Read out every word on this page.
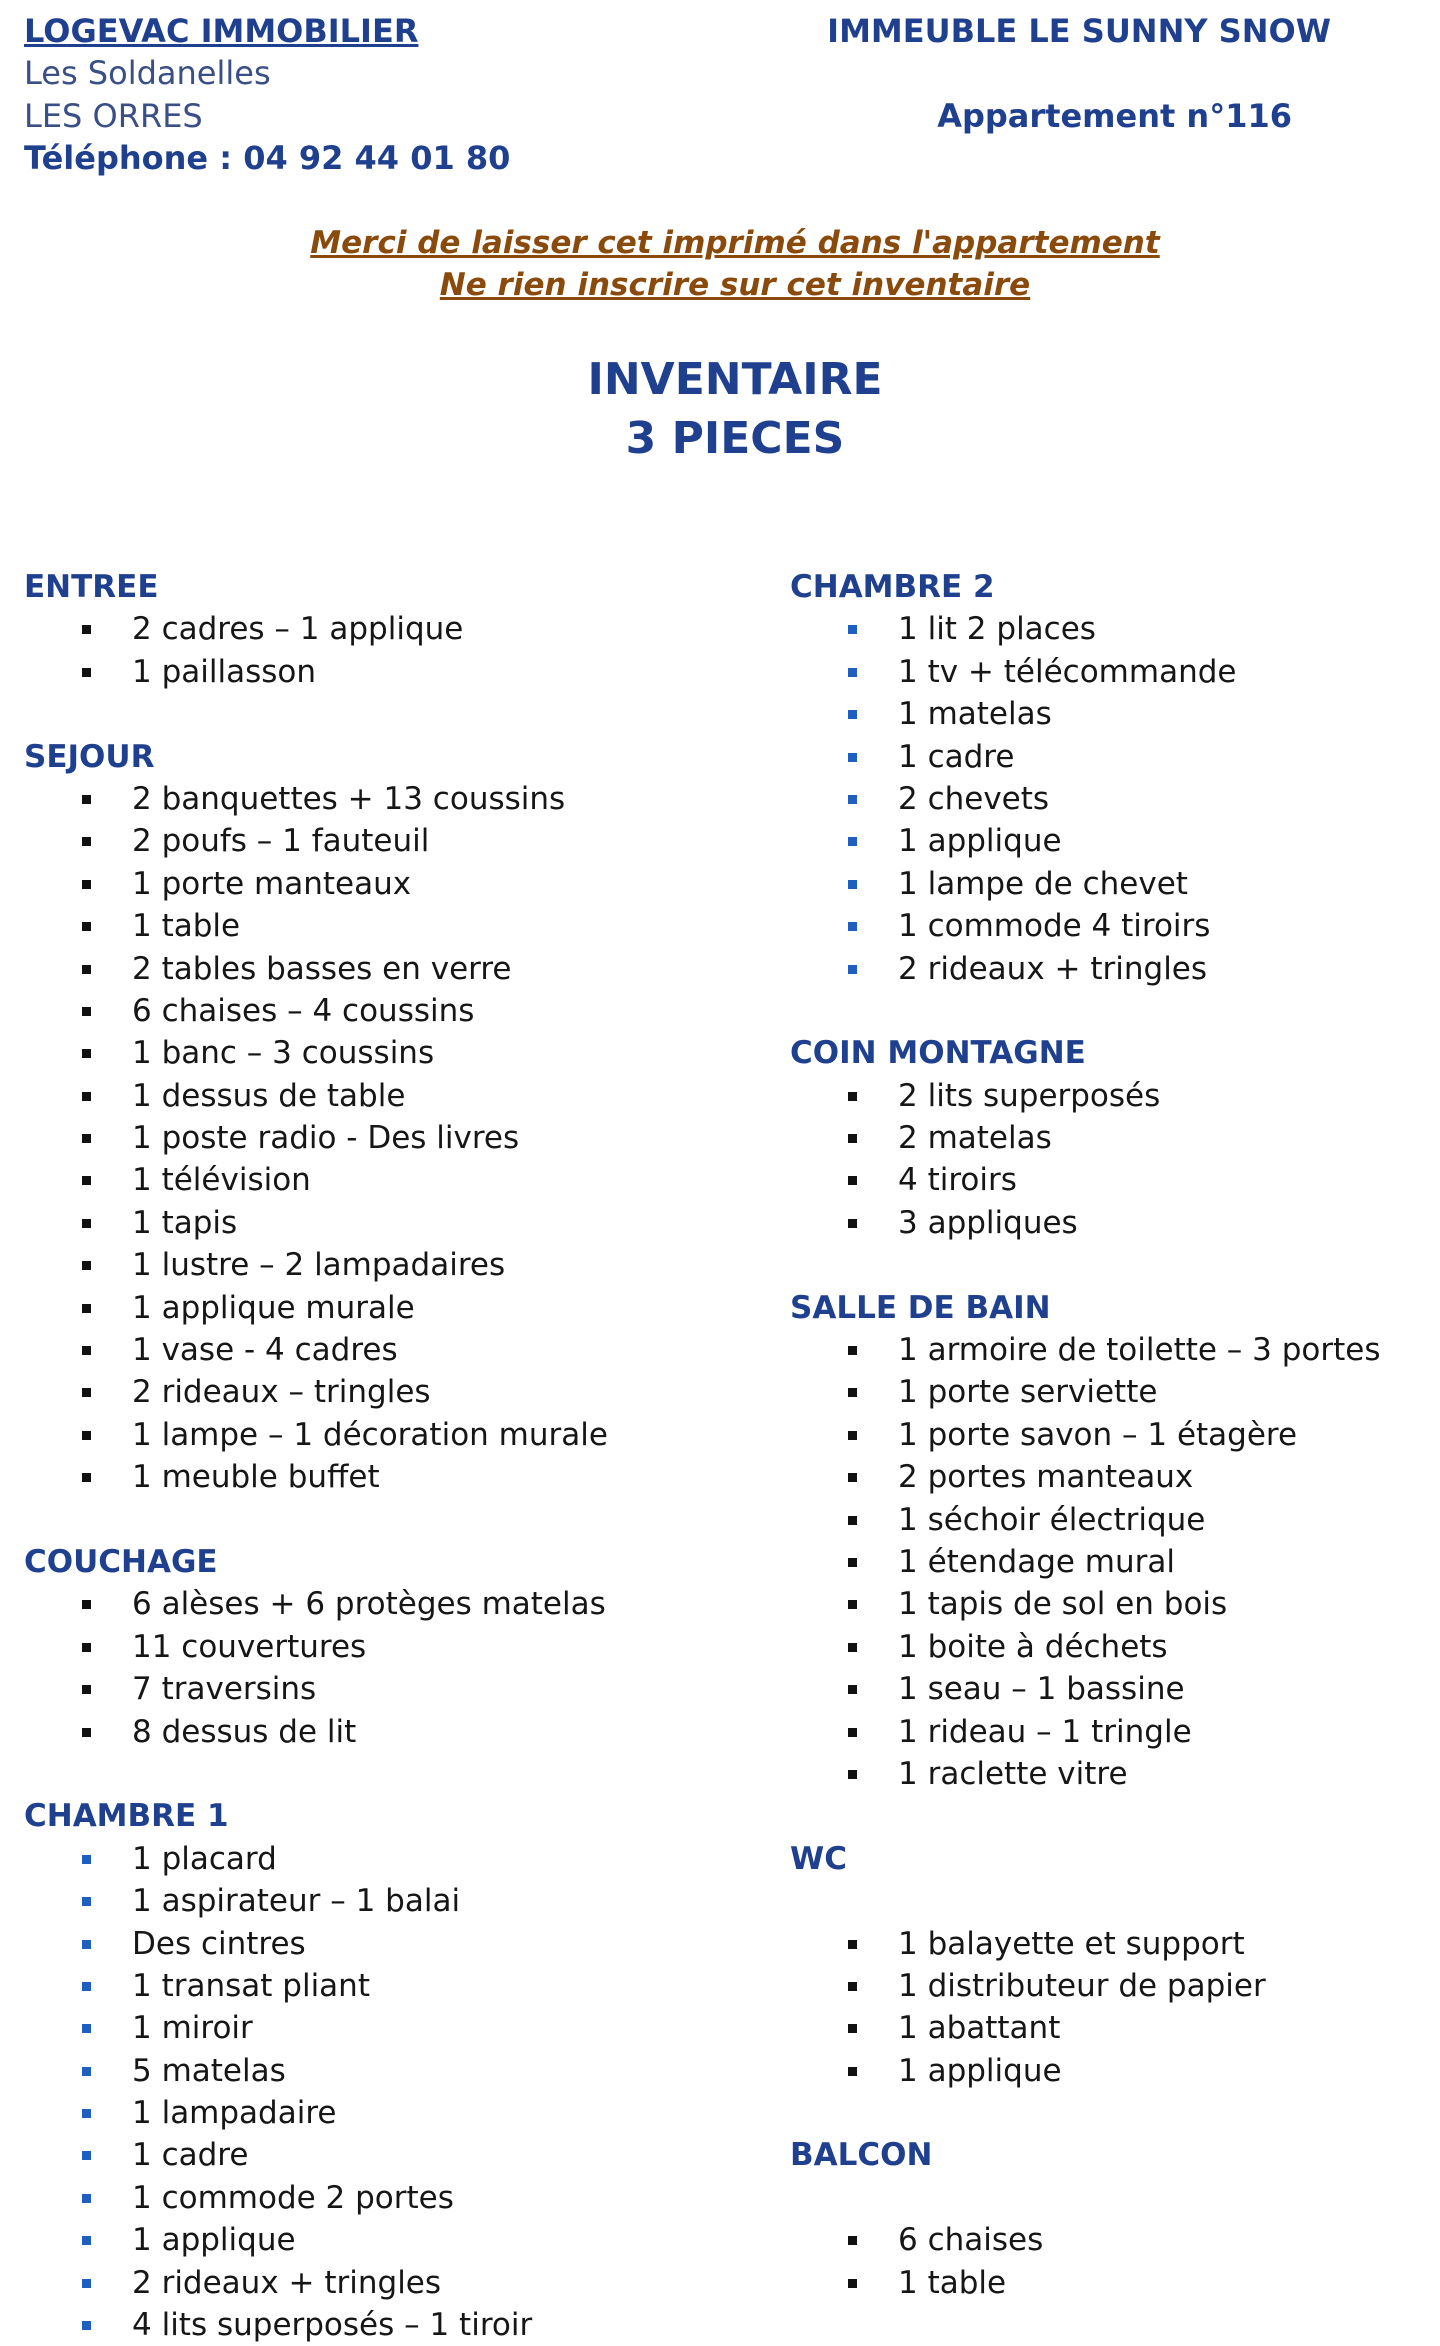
LOGEVAC IMMOBILIER
Les Soldanelles
LES ORRES
Téléphone : 04 92 44 01 80
IMMEUBLE LE SUNNY SNOW
Appartement n°116
Merci de laisser cet imprimé dans l'appartement
Ne rien inscrire sur cet inventaire
INVENTAIRE
3 PIECES
ENTREE
2 cadres – 1 applique
1 paillasson
SEJOUR
2 banquettes + 13 coussins
2 poufs – 1 fauteuil
1 porte manteaux
1 table
2 tables basses en verre
6 chaises – 4 coussins
1 banc – 3 coussins
1 dessus de table
1 poste radio - Des livres
1 télévision
1 tapis
1 lustre – 2 lampadaires
1 applique murale
1 vase - 4 cadres
2 rideaux – tringles
1 lampe – 1 décoration murale
1 meuble buffet
COUCHAGE
6 alèses + 6 protèges matelas
11 couvertures
7 traversins
8 dessus de lit
CHAMBRE 1
1 placard
1 aspirateur – 1 balai
Des cintres
1 transat pliant
1 miroir
5 matelas
1 lampadaire
1 cadre
1 commode 2 portes
1 applique
2 rideaux + tringles
4 lits superposés – 1 tiroir
CHAMBRE 2
1 lit 2 places
1 tv + télécommande
1 matelas
1 cadre
2 chevets
1 applique
1 lampe de chevet
1 commode 4 tiroirs
2 rideaux + tringles
COIN MONTAGNE
2 lits superposés
2 matelas
4 tiroirs
3 appliques
SALLE DE BAIN
1 armoire de toilette – 3 portes
1 porte serviette
1 porte savon – 1 étagère
2 portes manteaux
1 séchoir électrique
1 étendage mural
1 tapis de sol en bois
1 boite à déchets
1 seau – 1 bassine
1 rideau – 1 tringle
1 raclette vitre
WC
1 balayette et support
1 distributeur de papier
1 abattant
1 applique
BALCON
6 chaises
1 table
